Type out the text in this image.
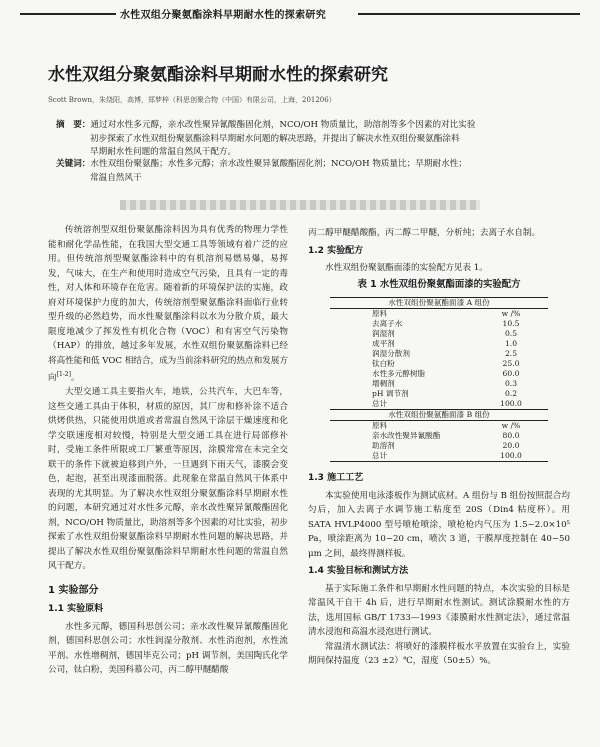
水性双组分聚氨酯涂料早期耐水性的探索研究
水性双组分聚氨酯涂料早期耐水性的探索研究
Scott Brown，朱绕阳，高博，郑梦梓（科思创聚合物（中国）有限公司，上海，201206）
摘　要：通过对水性多元醇，亲水改性聚异氰酸酯固化剂，NCO/OH 物质量比，助溶剂等多个因素的对比实验
初步探索了水性双组份聚氨酯涂料早期耐水问题的解决思路，并提出了解决水性双组份聚氨酯涂料
早期耐水性问题的常温自然风干配方。
关键词：水性双组份聚氨酯；水性多元醇；亲水改性聚异氰酸酯固化剂；NCO/OH 物质量比；早期耐水性；
常温自然风干

传统溶剂型双组份聚氨酯涂料因为具有优秀的物理力学性能和耐化学品性能，在我国大型交通工具等领域有着广泛的应用。但传统溶剂型聚氨酯涂料中的有机溶剂易燃易爆，易挥发，气味大，在生产和使用时造成空气污染，且具有一定的毒性，对人体和环境存在危害。随着新的环境保护法的实施，政府对环境保护力度的加大，传统溶剂型聚氨酯涂料面临行业转型升级的必然趋势，而水性聚氨酯涂料以水为分散介质，最大限度地减少了挥发性有机化合物（VOC）和有害空气污染物（HAP）的排放，越过多年发展，水性双组份聚氨酯涂料已经将高性能和低 VOC 相结合，成为当前涂料研究的热点和发展方向[1-2]。

大型交通工具主要指火车，地铁，公共汽车，大巴车等，这些交通工具由于体积，材质的原因，其厂房和修补涂不适合烘烤供热，只能使用烘道或者常温自然风干涂层干燥速度和化学交联速度相对较慢，特别是大型交通工具在进行局部修补时，受施工条件所限或工厂繁重等原因，涂膜常常在未完全交联干的条件下就被迫移到户外，一旦遇到下雨天气，漆膜会变色，起泡，甚至出现漆面脱落。此现象在常温自然风干体系中表现的尤其明显。为了解决水性双组分聚氨酯涂料早期耐水性的问题，本研究通过对水性多元醇，亲水改性聚异氰酸酯固化剂，NCO/OH 物质量比，助溶剂等多个因素的对比实验，初步探索了水性双组份聚氨酯涂料早期耐水性问题的解决思路，并提出了解决水性双组份聚氨酯涂料早期耐水性问题的常温自然风干配方。

1 实验部分
1.1 实验原料

水性多元醇，德国科思创公司；亲水改性聚异氰酸酯固化剂，德国科思创公司；水性润湿分散剂、水性消泡剂，水性流平剂、水性增稠剂，德国毕克公司；pH 调节剂，美国陶氏化学公司，钛白粉，美国科慕公司，丙二醇甲醚醋酸

丙二醇甲醚醋酸酯，丙二醇二甲醚，分析纯；去离子水自制。

1.2 实验配方

水性双组份聚氨酯面漆的实验配方见表 1。

表 1 水性双组份聚氨酯面漆的实验配方
水性双组份聚氨酯面漆 A 组份	
原料	w /%
去离子水	10.5
润湿剂	0.5
成平剂	1.0
润湿分散剂	2.5
钛白粉	25.0
水性多元醇树脂	60.0
增稠剂	0.3
pH 调节剂	0.2
总计	100.0
水性双组份聚氨酯面漆 B 组份	
原料	w /%
亲水改性聚异氰酸酯	80.0
助溶剂	20.0
总计	100.0
1.3 施工工艺

本实验使用电泳漆板作为测试底材。A 组份与 B 组份按照混合均匀后，加入去离子水调节施工粘度至 20S（Din4 粘度杯）。用 SATA HVLP4000 型号喷枪喷涂，喷枪枪内气压为 1.5~2.0×10⁵ Pa，喷涂距离为 10~20 cm，喷次 3 道，干膜厚度控制在 40~50 μm 之间，最终得测样板。

1.4 实验目标和测试方法

基于实际施工条件和早期耐水性问题的特点，本次实验的目标是常温风干自干 4h 后，进行早期耐水性测试。测试涂膜耐水性的方法，选用国标 GB/T 1733—1993《漆膜耐水性测定法》，通过常温清水浸泡和高温水浸泡进行测试。

常温清水测试法：将喷好的漆膜样板水平放置在实验台上，实验期间保持温度（23 ±2）℃，湿度（50±5）%。
